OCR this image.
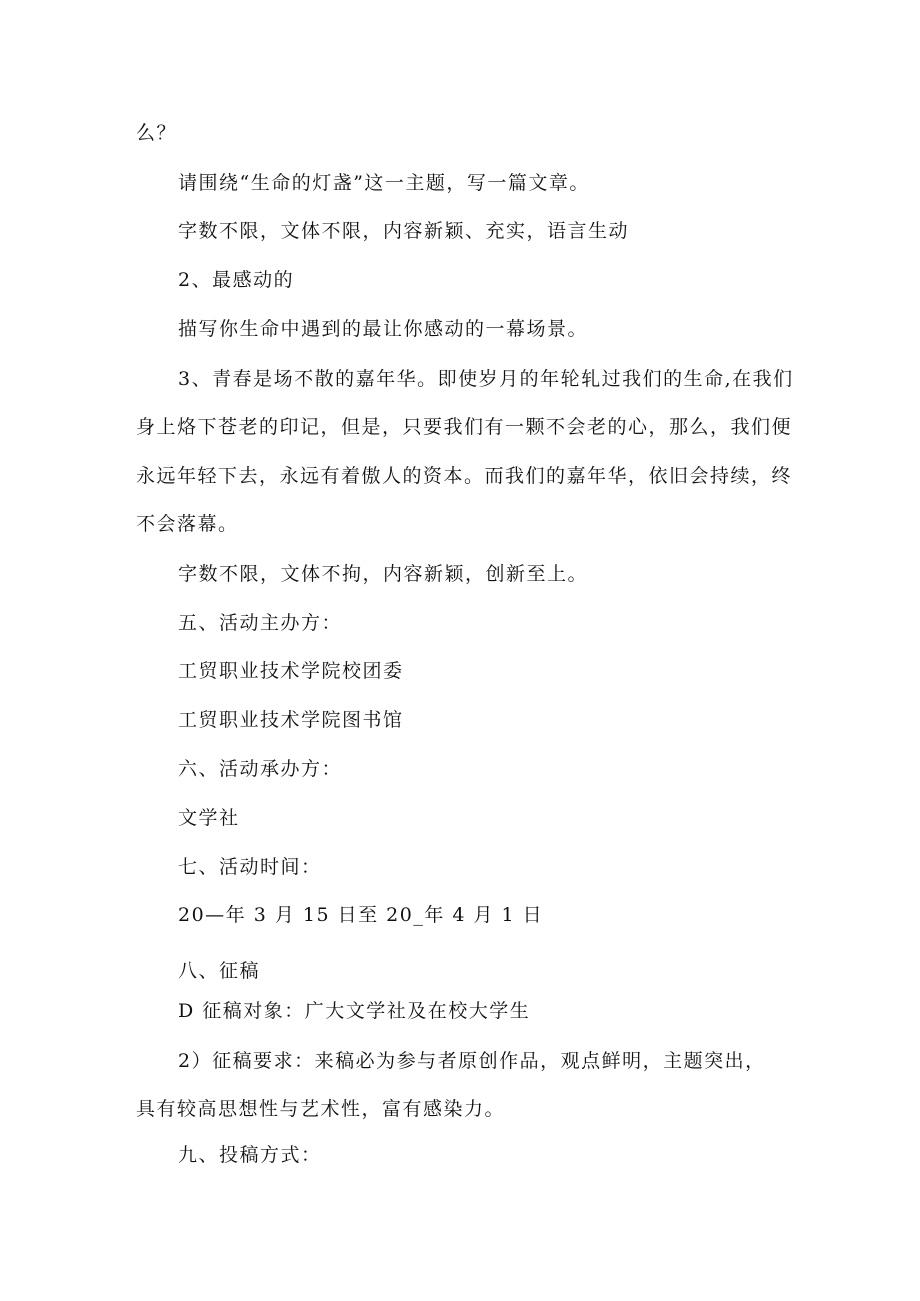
么？

请围绕“生命的灯盏”这一主题，写一篇文章。

字数不限，文体不限，内容新颖、充实，语言生动

2、最感动的

描写你生命中遇到的最让你感动的一幕场景。

3、青春是场不散的嘉年华。即使岁月的年轮轧过我们的生命,在我们

身上烙下苍老的印记，但是，只要我们有一颗不会老的心，那么，我们便

永远年轻下去，永远有着傲人的资本。而我们的嘉年华，依旧会持续，终

不会落幕。

字数不限，文体不拘，内容新颖，创新至上。

五、活动主办方：

工贸职业技术学院校团委

工贸职业技术学院图书馆

六、活动承办方：

文学社

七、活动时间：

20—年 3 月 15 日至 20_年 4 月 1 日

八、征稿

D 征稿对象：广大文学社及在校大学生

2）征稿要求：来稿必为参与者原创作品，观点鲜明，主题突出，

具有较高思想性与艺术性，富有感染力。

九、投稿方式：
